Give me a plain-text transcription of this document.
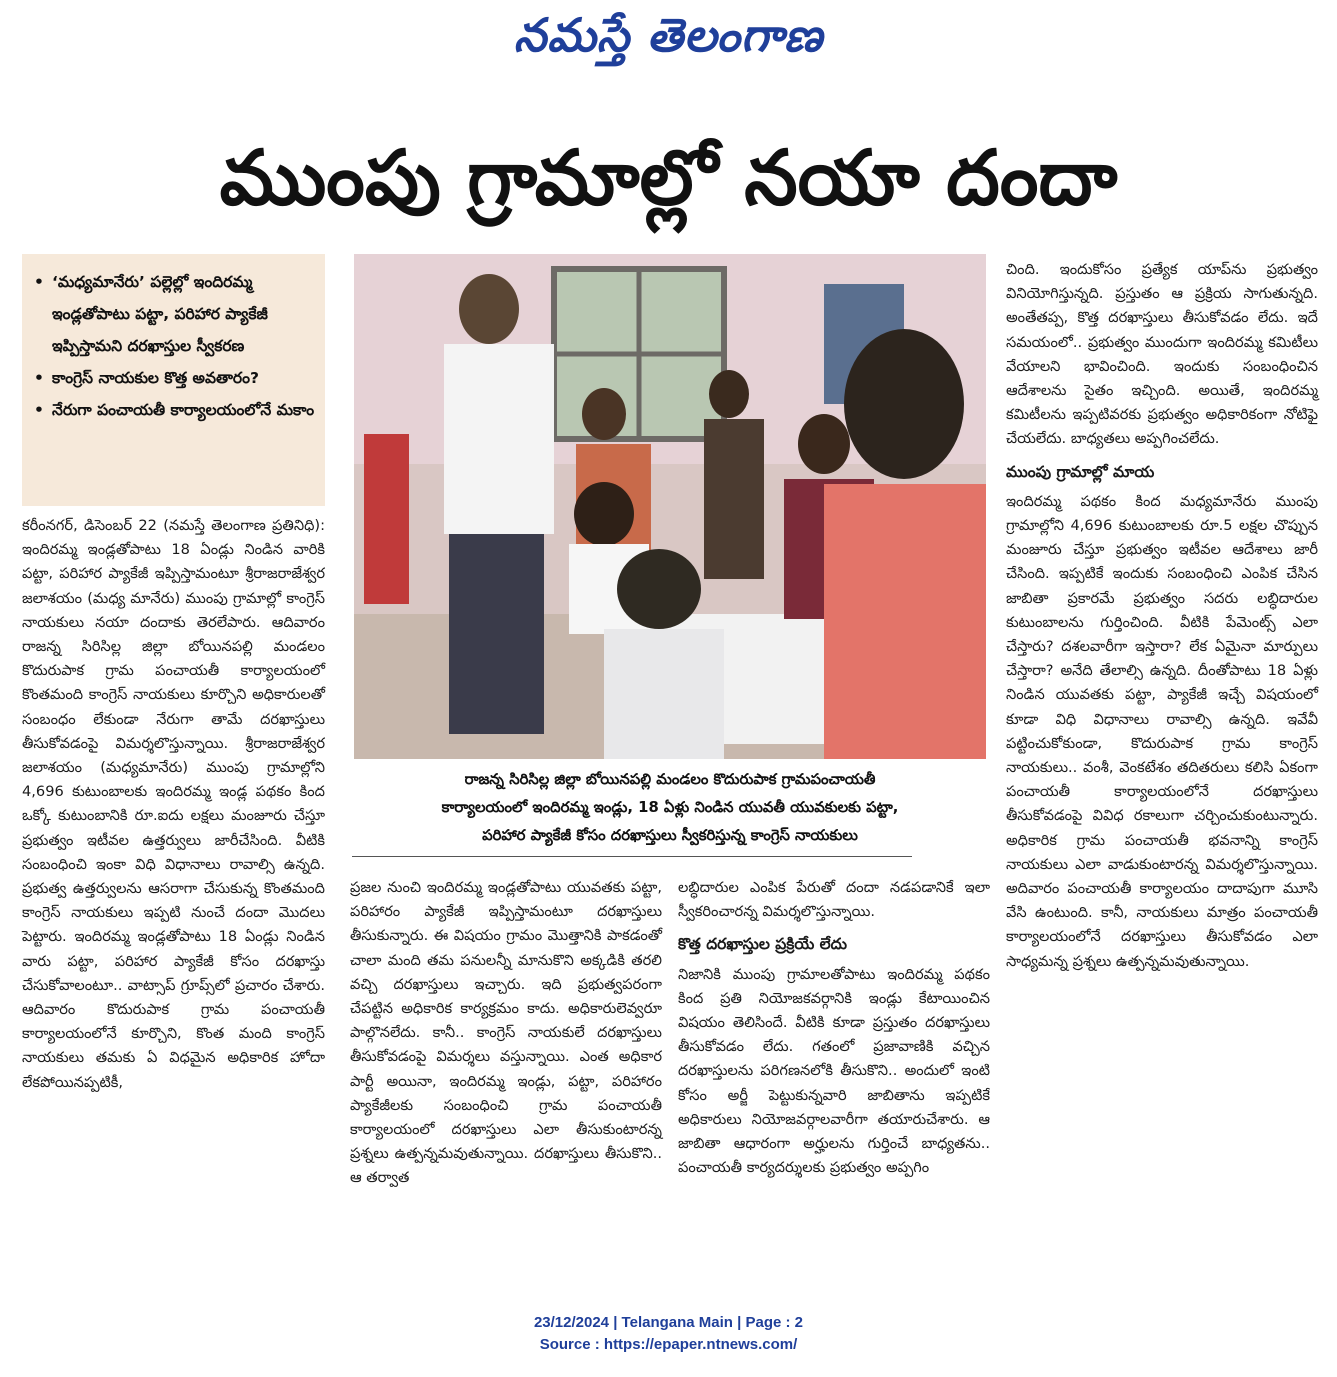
నమస్తే తెలంగాణ
ముంపు గ్రామాల్లో నయా దందా
• ‘మధ్యమానేరు’ పల్లెల్లో ఇందిరమ్మ ఇండ్లతోపాటు పట్టా, పరిహార ప్యాకేజీ ఇప్పిస్తామని దరఖాస్తుల స్వీకరణ
• కాంగ్రెస్ నాయకుల కొత్త అవతారం?
• నేరుగా పంచాయతీ కార్యాలయంలోనే మకాం

కరీంనగర్, డిసెంబర్ 22 (నమస్తే తెలంగాణ ప్రతినిధి): ఇందిరమ్మ ఇండ్లతోపాటు 18 ఏండ్లు నిండిన వారికి పట్టా, పరిహార ప్యాకేజీ ఇప్పిస్తామంటూ శ్రీరాజరాజేశ్వర జలాశయం (మధ్య మానేరు) ముంపు గ్రామాల్లో కాంగ్రెస్ నాయకులు నయా దందాకు తెరలేపారు. ఆదివారం రాజన్న సిరిసిల్ల జిల్లా బోయినపల్లి మండలం కొదురుపాక గ్రామ పంచాయతీ కార్యాలయంలో కొంతమంది కాంగ్రెస్ నాయకులు కూర్చొని అధికారులతో సంబంధం లేకుండా నేరుగా తామే దరఖాస్తులు తీసుకోవడంపై విమర్శలొస్తున్నాయి. శ్రీరాజరాజేశ్వర జలాశయం (మధ్యమానేరు) ముంపు గ్రామాల్లోని 4,696 కుటుంబాలకు ఇందిరమ్మ ఇండ్ల పథకం కింద ఒక్కో కుటుంబానికి రూ.ఐదు లక్షలు మంజూరు చేస్తూ ప్రభుత్వం ఇటీవల ఉత్తర్వులు జారీచేసింది. వీటికి సంబంధించి ఇంకా విధి విధానాలు రావాల్సి ఉన్నది. ప్రభుత్వ ఉత్తర్వులను ఆసరాగా చేసుకున్న కొంతమంది కాంగ్రెస్ నాయకులు ఇప్పటి నుంచే దందా మొదలు పెట్టారు. ఇందిరమ్మ ఇండ్లతోపాటు 18 ఏండ్లు నిండిన వారు పట్టా, పరిహార ప్యాకేజీ కోసం దరఖాస్తు చేసుకోవాలంటూ.. వాట్సాప్ గ్రూప్స్‌లో ప్రచారం చేశారు. ఆదివారం కొదురుపాక గ్రామ పంచాయతీ కార్యాలయంలోనే కూర్చొని, కొంత మంది కాంగ్రెస్ నాయకులు తమకు ఏ విధమైన అధికారిక హోదా లేకపోయినప్పటికీ,

రాజన్న సిరిసిల్ల జిల్లా బోయినపల్లి మండలం కొదురుపాక గ్రామపంచాయతీ
కార్యాలయంలో ఇందిరమ్మ ఇండ్లు, 18 ఏళ్లు నిండిన యువతీ యువకులకు పట్టా,
పరిహార ప్యాకేజీ కోసం దరఖాస్తులు స్వీకరిస్తున్న కాంగ్రెస్ నాయకులు

ప్రజల నుంచి ఇందిరమ్మ ఇండ్లతోపాటు యువతకు పట్టా, పరిహారం ప్యాకేజీ ఇప్పిస్తామంటూ దరఖాస్తులు తీసుకున్నారు. ఈ విషయం గ్రామం మొత్తానికి పాకడంతో చాలా మంది తమ పనులన్నీ మానుకొని అక్కడికి తరలి వచ్చి దరఖాస్తులు ఇచ్చారు. ఇది ప్రభుత్వపరంగా చేపట్టిన అధికారిక కార్యక్రమం కాదు. అధికారులెవ్వరూ పాల్గొనలేదు. కానీ.. కాంగ్రెస్ నాయకులే దరఖాస్తులు తీసుకోవడంపై విమర్శలు వస్తున్నాయి. ఎంత అధికార పార్టీ అయినా, ఇందిరమ్మ ఇండ్లు, పట్టా, పరిహారం ప్యాకేజీలకు సంబంధించి గ్రామ పంచాయతీ కార్యాలయంలో దరఖాస్తులు ఎలా తీసుకుంటారన్న ప్రశ్నలు ఉత్పన్నమవుతున్నాయి. దరఖాస్తులు తీసుకొని.. ఆ తర్వాత

లబ్ధిదారుల ఎంపిక పేరుతో దందా నడపడానికే ఇలా స్వీకరించారన్న విమర్శలొస్తున్నాయి.

కొత్త దరఖాస్తుల ప్రక్రియే లేదు

నిజానికి ముంపు గ్రామాలతోపాటు ఇందిరమ్మ పథకం కింద ప్రతి నియోజకవర్గానికి ఇండ్లు కేటాయించిన విషయం తెలిసిందే. వీటికి కూడా ప్రస్తుతం దరఖాస్తులు తీసుకోవడం లేదు. గతంలో ప్రజావాణికి వచ్చిన దరఖాస్తులను పరిగణనలోకి తీసుకొని.. అందులో ఇంటి కోసం అర్జీ పెట్టుకున్నవారి జాబితాను ఇప్పటికే అధికారులు నియోజవర్గాలవారీగా తయారుచేశారు. ఆ జాబితా ఆధారంగా అర్హులను గుర్తించే బాధ్యతను.. పంచాయతీ కార్యదర్శులకు ప్రభుత్వం అప్పగిం

చింది. ఇందుకోసం ప్రత్యేక యాప్‌ను ప్రభుత్వం వినియోగిస్తున్నది. ప్రస్తుతం ఆ ప్రక్రియ సాగుతున్నది. అంతేతప్ప, కొత్త దరఖాస్తులు తీసుకోవడం లేదు. ఇదే సమయంలో.. ప్రభుత్వం ముందుగా ఇందిరమ్మ కమిటీలు వేయాలని భావించింది. ఇందుకు సంబంధించిన ఆదేశాలను సైతం ఇచ్చింది. అయితే, ఇందిరమ్మ కమిటీలను ఇప్పటివరకు ప్రభుత్వం అధికారికంగా నోటిఫై చేయలేదు. బాధ్యతలు అప్పగించలేదు.

ముంపు గ్రామాల్లో మాయ

ఇందిరమ్మ పథకం కింద మధ్యమానేరు ముంపు గ్రామాల్లోని 4,696 కుటుంబాలకు రూ.5 లక్షల చొప్పున మంజూరు చేస్తూ ప్రభుత్వం ఇటీవల ఆదేశాలు జారీ చేసింది. ఇప్పటికే ఇందుకు సంబంధించి ఎంపిక చేసిన జాబితా ప్రకారమే ప్రభుత్వం సదరు లబ్ధిదారుల కుటుంబాలను గుర్తించింది. వీటికి పేమెంట్స్ ఎలా చేస్తారు? దశలవారీగా ఇస్తారా? లేక ఏమైనా మార్పులు చేస్తారా? అనేది తేలాల్సి ఉన్నది. దీంతోపాటు 18 ఏళ్లు నిండిన యువతకు పట్టా, ప్యాకేజీ ఇచ్చే విషయంలో కూడా విధి విధానాలు రావాల్సి ఉన్నది. ఇవేవీ పట్టించుకోకుండా, కొదురుపాక గ్రామ కాంగ్రెస్ నాయకులు.. వంశీ, వెంకటేశం తదితరులు కలిసి ఏకంగా పంచాయతీ కార్యాలయంలోనే దరఖాస్తులు తీసుకోవడంపై వివిధ రకాలుగా చర్చించుకుంటున్నారు. అధికారిక గ్రామ పంచాయతీ భవనాన్ని కాంగ్రెస్ నాయకులు ఎలా వాడుకుంటారన్న విమర్శలొస్తున్నాయి. అదివారం పంచాయతీ కార్యాలయం దాదాపుగా మూసి వేసి ఉంటుంది. కానీ, నాయకులు మాత్రం పంచాయతీ కార్యాలయంలోనే దరఖాస్తులు తీసుకోవడం ఎలా సాధ్యమన్న ప్రశ్నలు ఉత్పన్నమవుతున్నాయి.

23/12/2024 | Telangana Main | Page : 2
Source : https://epaper.ntnews.com/
